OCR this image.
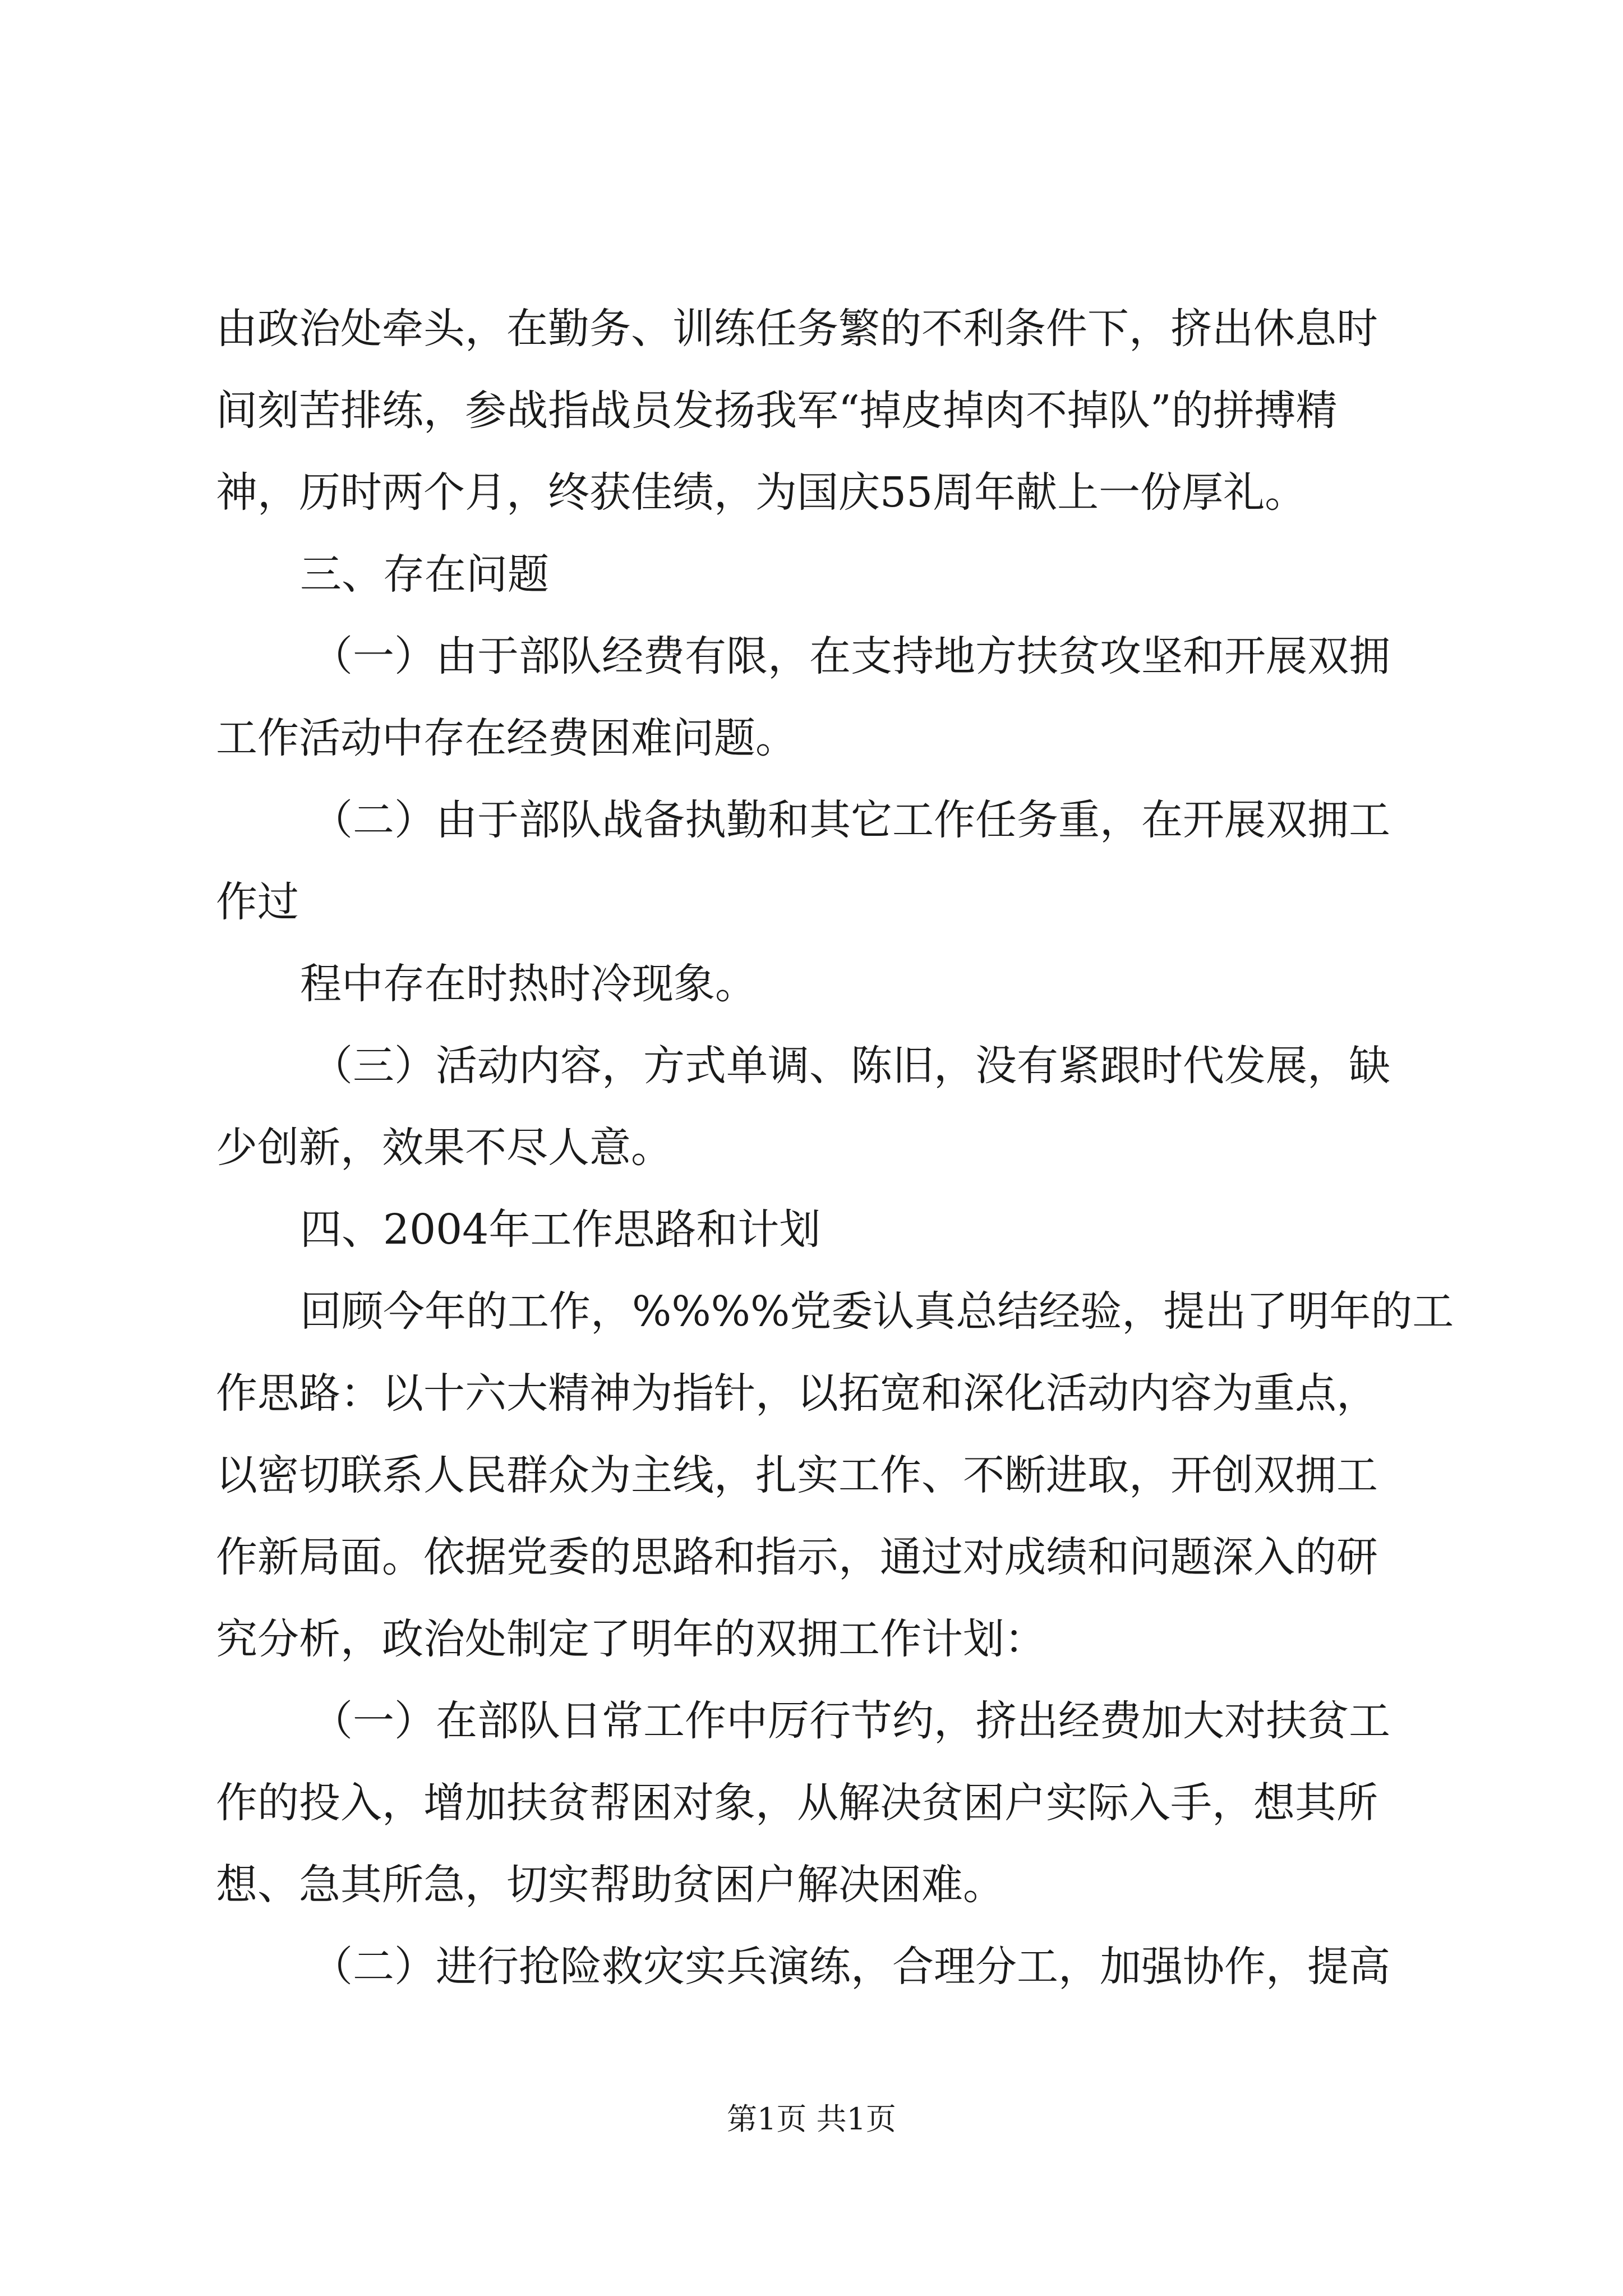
由政治处牵头，在勤务、训练任务繁的不利条件下，挤出休息时
间刻苦排练，参战指战员发扬我军“掉皮掉肉不掉队”的拼搏精
神，历时两个月，终获佳绩，为国庆55周年献上一份厚礼。
三、存在问题
（一）由于部队经费有限，在支持地方扶贫攻坚和开展双拥
工作活动中存在经费困难问题。
（二）由于部队战备执勤和其它工作任务重，在开展双拥工
作过
程中存在时热时冷现象。
（三）活动内容，方式单调、陈旧，没有紧跟时代发展，缺
少创新，效果不尽人意。
四、2004年工作思路和计划
回顾今年的工作，%%%%党委认真总结经验，提出了明年的工
作思路：以十六大精神为指针，以拓宽和深化活动内容为重点，
以密切联系人民群众为主线，扎实工作、不断进取，开创双拥工
作新局面。依据党委的思路和指示，通过对成绩和问题深入的研
究分析，政治处制定了明年的双拥工作计划：
（一）在部队日常工作中厉行节约，挤出经费加大对扶贫工
作的投入，增加扶贫帮困对象，从解决贫困户实际入手，想其所
想、急其所急，切实帮助贫困户解决困难。
（二）进行抢险救灾实兵演练，合理分工，加强协作，提高
第1页 共1页
